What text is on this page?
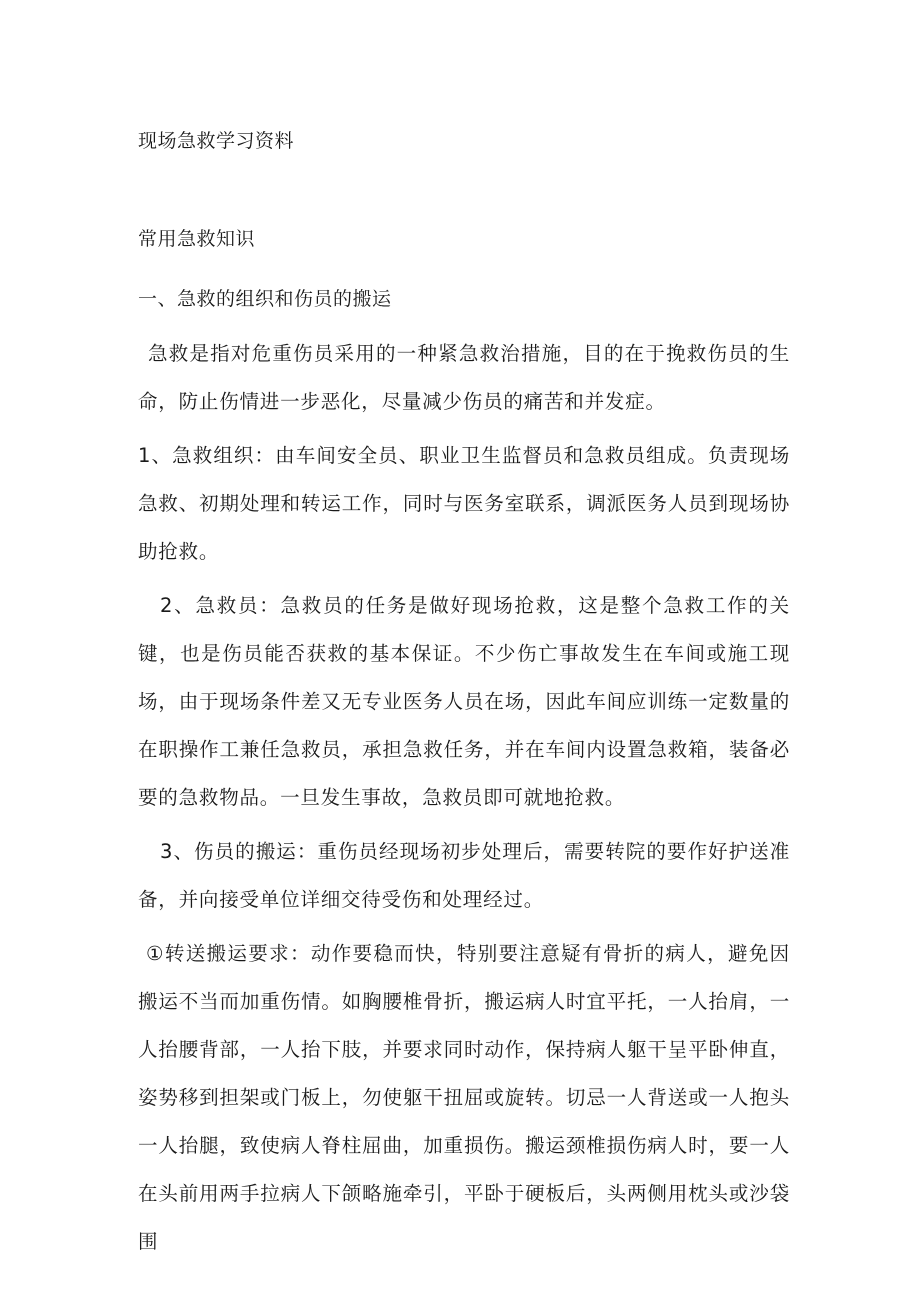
现场急救学习资料

常用急救知识

一、急救的组织和伤员的搬运

急救是指对危重伤员采用的一种紧急救治措施，目的在于挽救伤员的生命，防止伤情进一步恶化，尽量减少伤员的痛苦和并发症。

1、急救组织：由车间安全员、职业卫生监督员和急救员组成。负责现场急救、初期处理和转运工作，同时与医务室联系，调派医务人员到现场协助抢救。

2、急救员：急救员的任务是做好现场抢救，这是整个急救工作的关键，也是伤员能否获救的基本保证。不少伤亡事故发生在车间或施工现场，由于现场条件差又无专业医务人员在场，因此车间应训练一定数量的在职操作工兼任急救员，承担急救任务，并在车间内设置急救箱，装备必要的急救物品。一旦发生事故，急救员即可就地抢救。

3、伤员的搬运：重伤员经现场初步处理后，需要转院的要作好护送准备，并向接受单位详细交待受伤和处理经过。

①转送搬运要求：动作要稳而快，特别要注意疑有骨折的病人，避免因搬运不当而加重伤情。如胸腰椎骨折，搬运病人时宜平托，一人抬肩，一人抬腰背部，一人抬下肢，并要求同时动作，保持病人躯干呈平卧伸直，姿势移到担架或门板上，勿使躯干扭屈或旋转。切忌一人背送或一人抱头一人抬腿，致使病人脊柱屈曲，加重损伤。搬运颈椎损伤病人时，要一人在头前用两手拉病人下颌略施牵引，平卧于硬板后，头两侧用枕头或沙袋围
